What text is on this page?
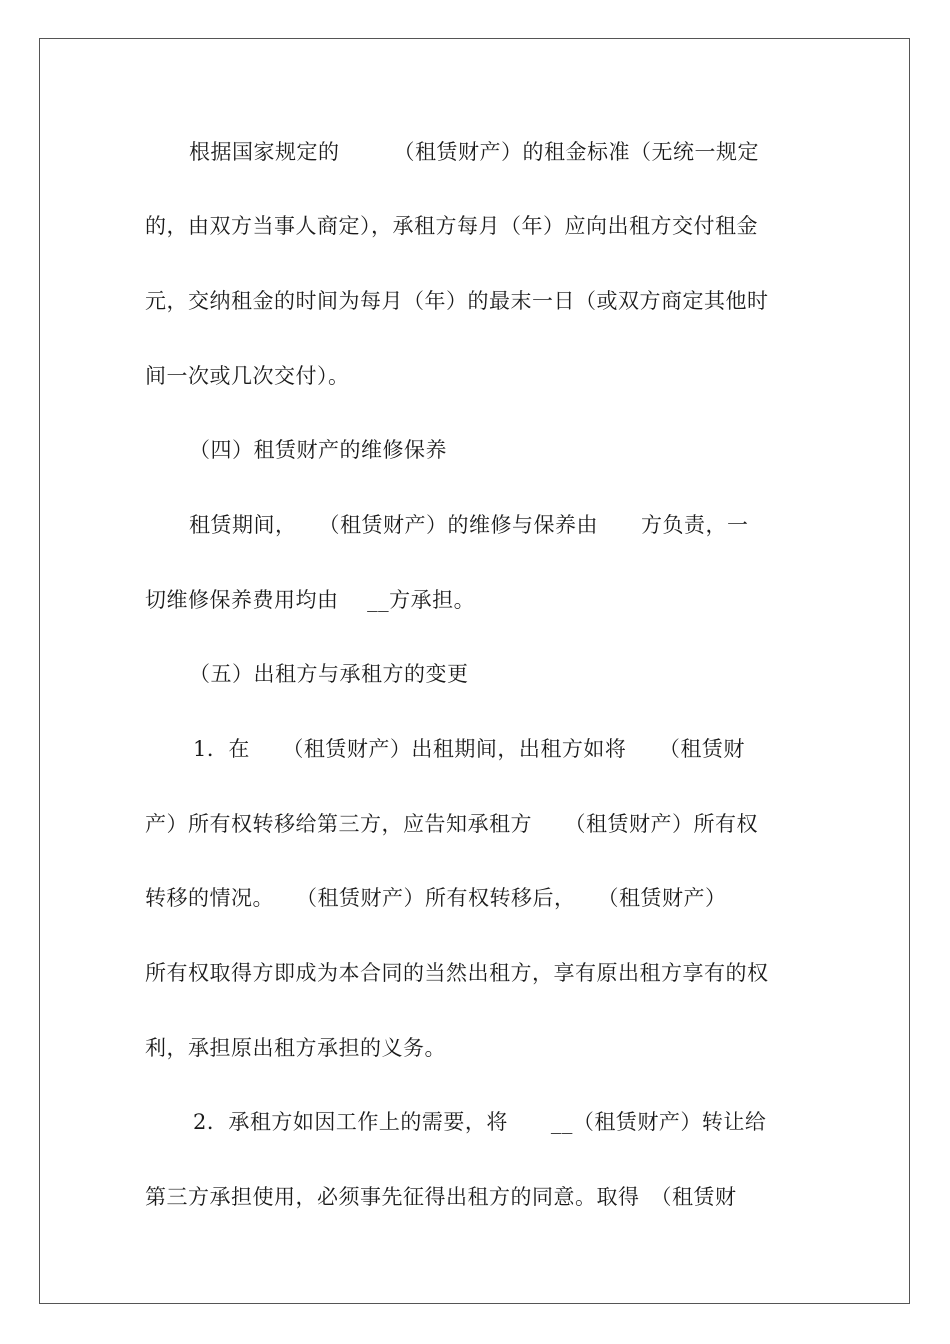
根据国家规定的　　　（租赁财产）的租金标准（无统一规定
的，由双方当事人商定），承租方每月（年）应向出租方交付租金
元，交纳租金的时间为每月（年）的最末一日（或双方商定其他时
间一次或几次交付）。
（四）租赁财产的维修保养
租赁期间，　　（租赁财产）的维修与保养由　　方负责，一
切维修保养费用均由　 __方承担。
（五）出租方与承租方的变更
1．在　　（租赁财产）出租期间，出租方如将　　（租赁财
产）所有权转移给第三方，应告知承租方　　（租赁财产）所有权
转移的情况。　　（租赁财产）所有权转移后，　　（租赁财产）
所有权取得方即成为本合同的当然出租方，享有原出租方享有的权
利，承担原出租方承担的义务。
2．承租方如因工作上的需要，将　　__（租赁财产）转让给
第三方承担使用，必须事先征得出租方的同意。取得　（租赁财
